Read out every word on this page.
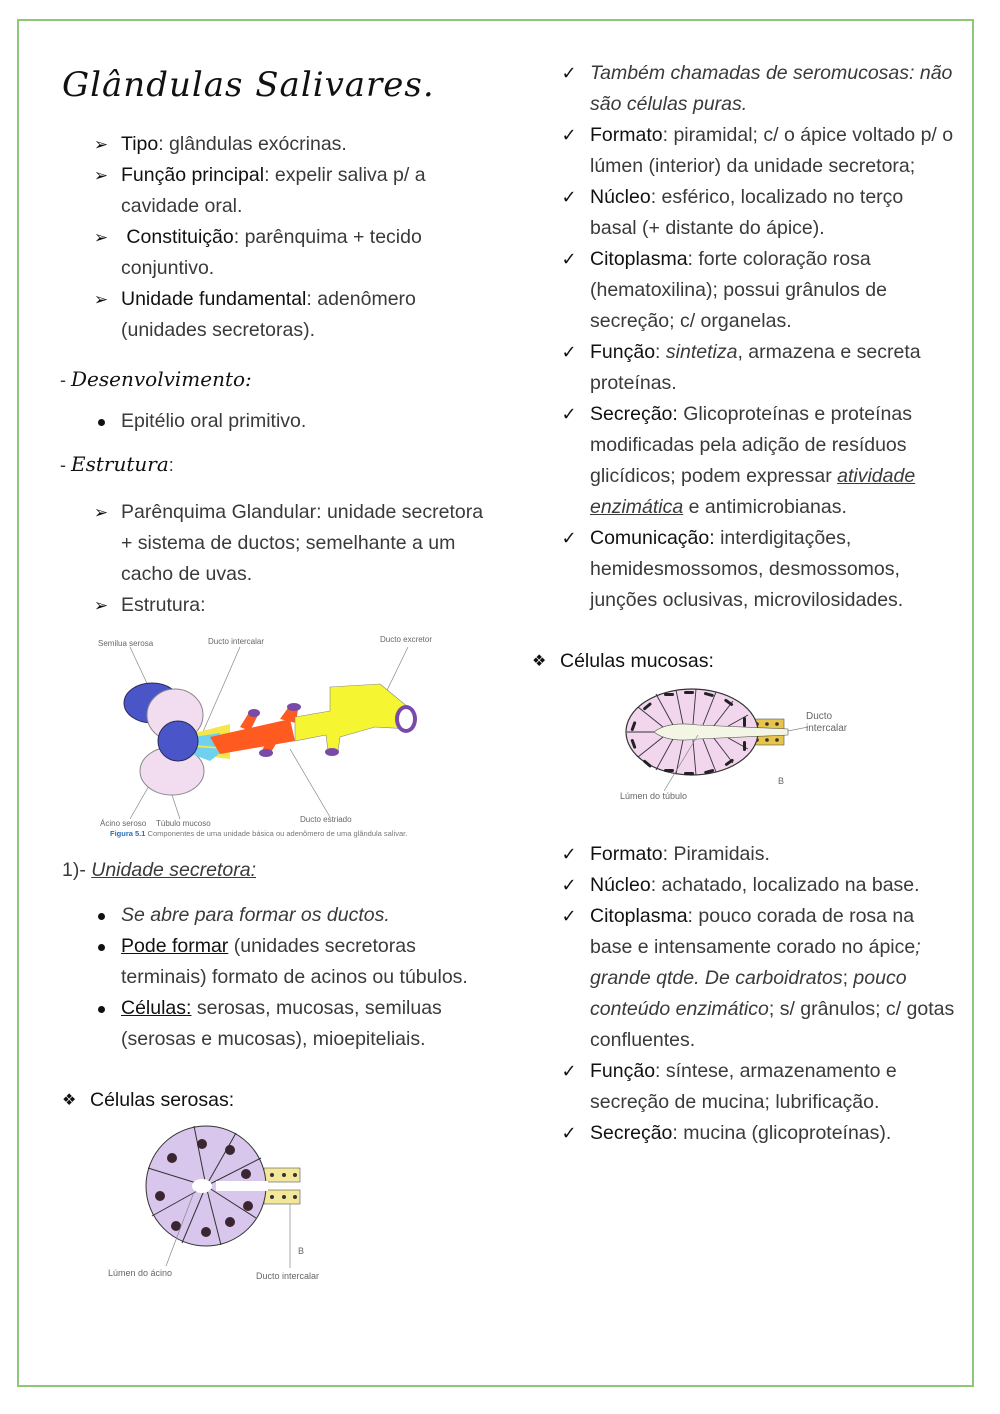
Glândulas Salivares.
➢ Tipo: glândulas exócrinas.
➢ Função principal: expelir saliva p/ a cavidade oral.
➢ Constituição: parênquima + tecido conjuntivo.
➢ Unidade fundamental: adenômero (unidades secretoras).
- Desenvolvimento:
Epitélio oral primitivo.
- Estrutura:
➢ Parênquima Glandular: unidade secretora + sistema de ductos; semelhante a um cacho de uvas.
➢ Estrutura:
Semilua serosa	Ducto intercalar	Ducto excretor
Ácino seroso Túbulo mucoso	Ducto estriado
Figura 5.1 Componentes de uma unidade básica ou adenômero de uma glândula salivar.
1)- Unidade secretora:
Se abre para formar os ductos.
Pode formar (unidades secretoras terminais) formato de acinos ou túbulos.
Células: serosas, mucosas, semiluas (serosas e mucosas), mioepiteliais.
❖ Células serosas:
Lúmen do ácino	Ducto intercalar
B
✓ Também chamadas de seromucosas: não são células puras.
✓ Formato: piramidal; c/ o ápice voltado p/ o lúmen (interior) da unidade secretora;
✓ Núcleo: esférico, localizado no terço basal (+ distante do ápice).
✓ Citoplasma: forte coloração rosa (hematoxilina); possui grânulos de secreção; c/ organelas.
✓ Função: sintetiza, armazena e secreta proteínas.
✓ Secreção: Glicoproteínas e proteínas modificadas pela adição de resíduos glicídicos; podem expressar atividade enzimática e antimicrobianas.
✓ Comunicação: interdigitações, hemidesmossomos, desmossomos, junções oclusivas, microvilosidades.
❖ Células mucosas:
Ducto
intercalar
Lúmen do túbulo
B
✓ Formato: Piramidais.
✓ Núcleo: achatado, localizado na base.
✓ Citoplasma: pouco corada de rosa na base e intensamente corado no ápice; grande qtde. De carboidratos; pouco conteúdo enzimático; s/ grânulos; c/ gotas confluentes.
✓ Função: síntese, armazenamento e secreção de mucina; lubrificação.
✓ Secreção: mucina (glicoproteínas).
